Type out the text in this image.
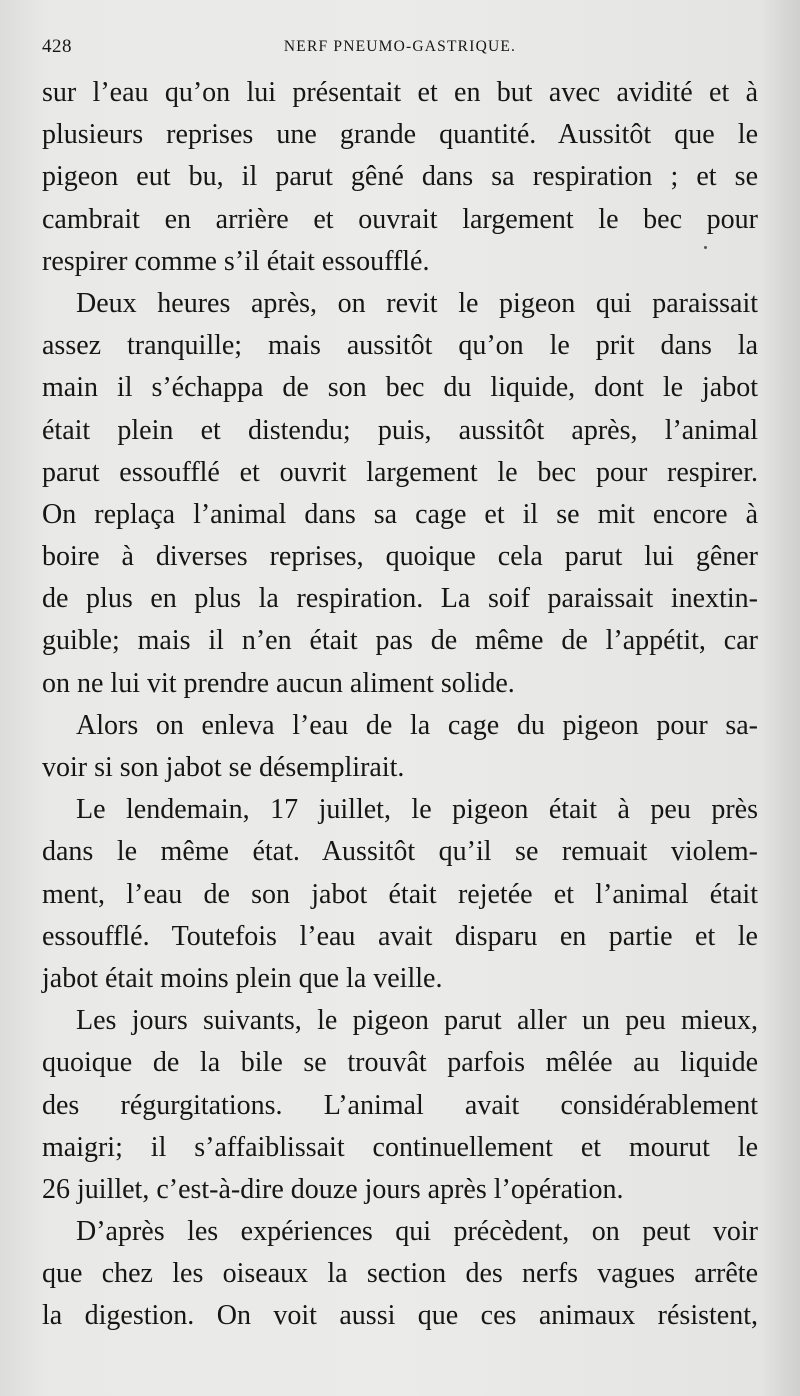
428	NERF PNEUMO-GASTRIQUE.
sur l’eau qu’on lui présentait et en but avec avidité et à
plusieurs reprises une grande quantité. Aussitôt que le
pigeon eut bu, il parut gêné dans sa respiration ; et se
cambrait en arrière et ouvrait largement le bec pour
respirer comme s’il était essoufflé.
Deux heures après, on revit le pigeon qui paraissait
assez tranquille; mais aussitôt qu’on le prit dans la
main il s’échappa de son bec du liquide, dont le jabot
était plein et distendu; puis, aussitôt après, l’animal
parut essoufflé et ouvrit largement le bec pour respirer.
On replaça l’animal dans sa cage et il se mit encore à
boire à diverses reprises, quoique cela parut lui gêner
de plus en plus la respiration. La soif paraissait inextin-
guible; mais il n’en était pas de même de l’appétit, car
on ne lui vit prendre aucun aliment solide.
Alors on enleva l’eau de la cage du pigeon pour sa-
voir si son jabot se désemplirait.
Le lendemain, 17 juillet, le pigeon était à peu près
dans le même état. Aussitôt qu’il se remuait violem-
ment, l’eau de son jabot était rejetée et l’animal était
essoufflé. Toutefois l’eau avait disparu en partie et le
jabot était moins plein que la veille.
Les jours suivants, le pigeon parut aller un peu mieux,
quoique de la bile se trouvât parfois mêlée au liquide
des régurgitations. L’animal avait considérablement
maigri; il s’affaiblissait continuellement et mourut le
26 juillet, c’est-à-dire douze jours après l’opération.
D’après les expériences qui précèdent, on peut voir
que chez les oiseaux la section des nerfs vagues arrête
la digestion. On voit aussi que ces animaux résistent,
